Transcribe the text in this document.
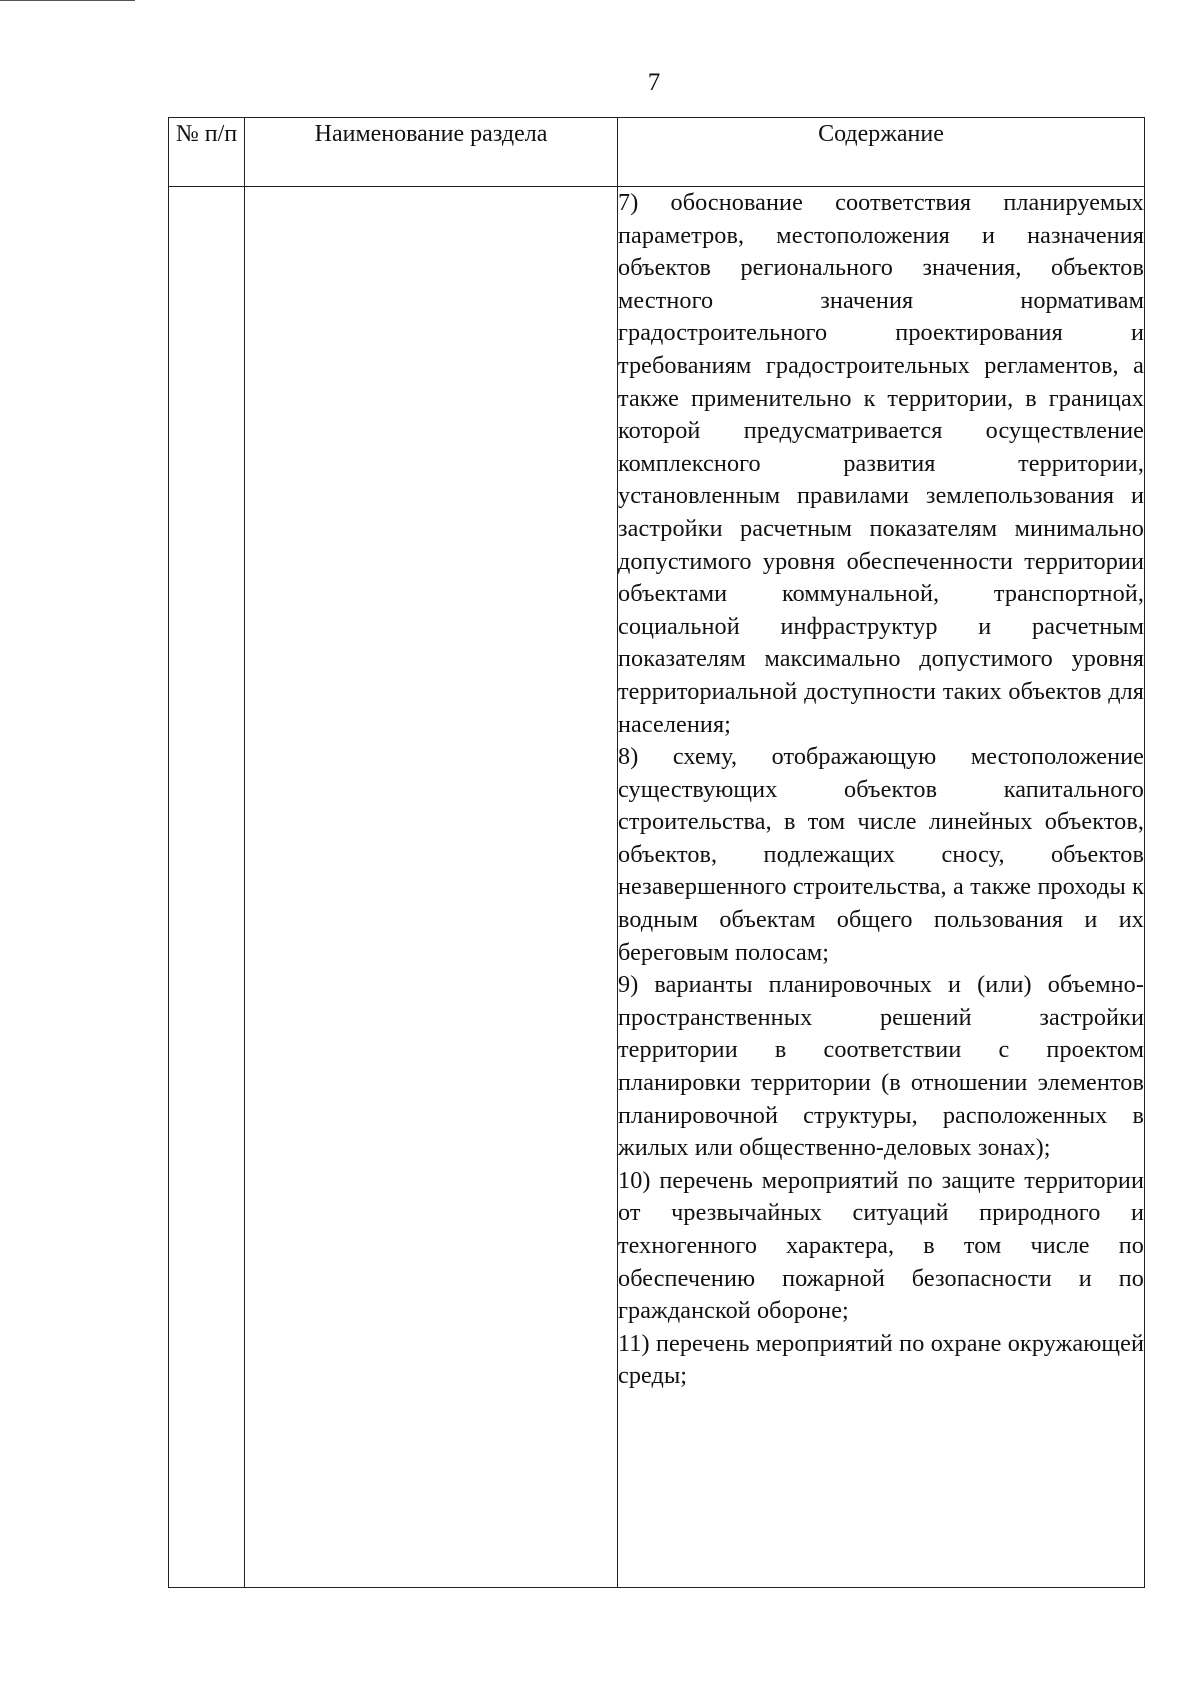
7
№ п/п	Наименование раздела	Содержание

		7) обоснование соответствия планируемых параметров, местоположения и назначения объектов регионального значения, объектов местного значения нормативам градостроительного проектирования и требованиям градостроительных регламентов, а также применительно к территории, в границах которой предусматривается осуществление комплексного развития территории, установленным правилами землепользования и застройки расчетным показателям минимально допустимого уровня обеспеченности территории объектами коммунальной, транспортной, социальной инфраструктур и расчетным показателям максимально допустимого уровня территориальной доступности таких объектов для населения;

8) схему, отображающую местоположение существующих объектов капитального строительства, в том числе линейных объектов, объектов, подлежащих сносу, объектов незавершенного строительства, а также проходы к водным объектам общего пользования и их береговым полосам;

9) варианты планировочных и (или) объемно-пространственных решений застройки территории в соответствии с проектом планировки территории (в отношении элементов планировочной структуры, расположенных в жилых или общественно-деловых зонах);

10) перечень мероприятий по защите территории от чрезвычайных ситуаций природного и техногенного характера, в том числе по обеспечению пожарной безопасности и по гражданской обороне;

11) перечень мероприятий по охране окружающей среды;
